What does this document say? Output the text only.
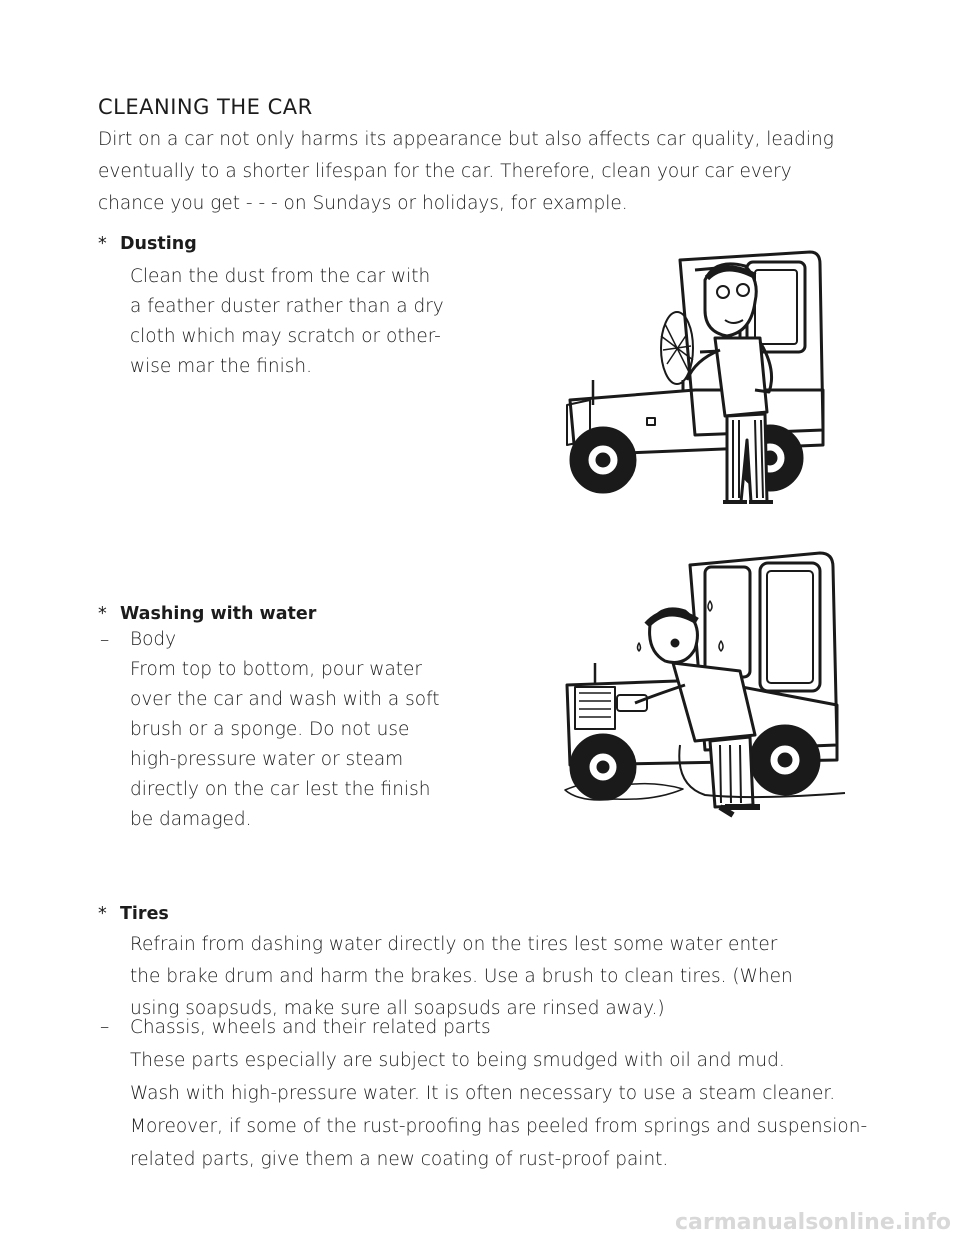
CLEANING THE CAR

Dirt on a car not only harms its appearance but also affects car quality, leading

eventually to a shorter lifespan for the car. Therefore, clean your car every

chance you get - - - on Sundays or holidays, for example.

* Dusting

Clean the dust from the car with

a feather duster rather than a dry

cloth which may scratch or other-

wise mar the finish.

* Washing with water
– Body

From top to bottom, pour water

over the car and wash with a soft

brush or a sponge. Do not use

high-pressure water or steam

directly on the car lest the finish

be damaged.

* Tires

Refrain from dashing water directly on the tires lest some water enter

the brake drum and harm the brakes. Use a brush to clean tires. (When

using soapsuds, make sure all soapsuds are rinsed away.)

– Chassis, wheels and their related parts

These parts especially are subject to being smudged with oil and mud.

Wash with high-pressure water. It is often necessary to use a steam cleaner.

Moreover, if some of the rust-proofing has peeled from springs and suspension-

related parts, give them a new coating of rust-proof paint.

carmanualsonline.info
